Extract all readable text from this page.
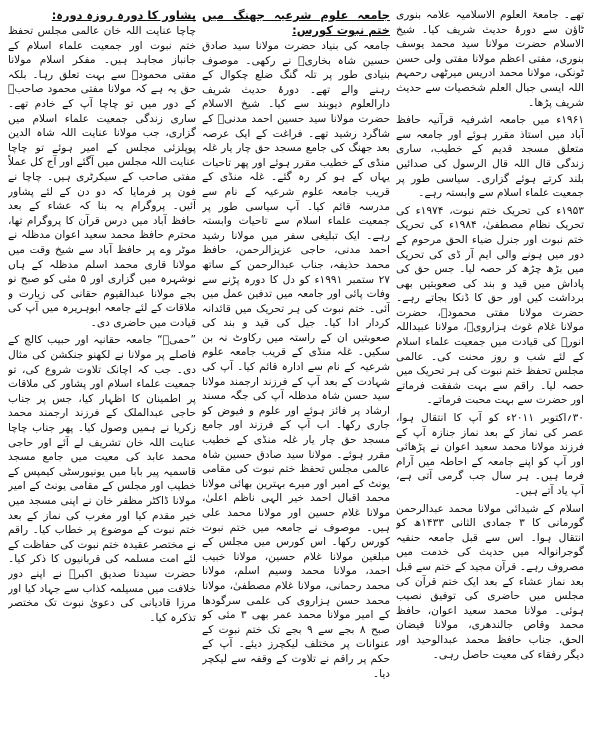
تھے۔ جامعۃ العلوم الاسلامیہ علامہ بنوری ٹاؤن سے دورۂ حدیث شریف کیا۔ شیخ الاسلام حضرت مولانا سید محمد یوسف بنوری، مفتی اعظم مولانا مفتی ولی حسن ٹونکی، مولانا محمد ادریس میرٹھی رحمہم اللہ ایسی جبال العلم شخصیات سے حدیث شریف پڑھا۔

۱۹۶۱ء میں جامعہ اشرفیہ قرآنیہ حافظ آباد میں استاذ مقرر ہوئے اور جامعہ سے متعلق مسجد قدیم کے خطیب، ساری زندگی قال اللہ قال الرسول کی صدائیں بلند کرتے ہوئے گزاری۔ سیاسی طور پر جمعیت علماء اسلام سے وابستہ رہے۔

۱۹۵۳ء کی تحریک ختم نبوت، ۱۹۷۴ء کی تحریک نظام مصطفیٰ، ۱۹۸۴ء کی تحریک ختم نبوت اور جنرل ضیاء الحق مرحوم کے دور میں ہونے والی ایم آر ڈی کی تحریک میں بڑھ چڑھ کر حصہ لیا۔ جس حق کی پاداش میں قید و بند کی صعوبتیں بھی برداشت کیں اور حق کا ڈنکا بجاتے رہے۔ حضرت مولانا مفتی محمودؒ، حضرت مولانا غلام غوث ہزارویؒ، مولانا عبیداللہ انورؒ کی قیادت میں جمعیت علماء اسلام کے لئے شب و روز محنت کی۔ عالمی مجلس تحفظ ختم نبوت کی ہر تحریک میں حصہ لیا۔ راقم سے بہت شفقت فرماتے اور حضرت سے بہت محبت فرماتے۔

۳۰؍اکتوبر ۲۰۱۱ء کو آپ کا انتقال ہوا، عصر کی نماز کے بعد نماز جنازہ آپ کے فرزند مولانا محمد سعید اعوان نے پڑھائی اور آپ کو اپنے جامعہ کے احاطہ میں آرام فرما ہیں۔ ہر سال جب گرمی آتی ہے، آپ یاد آتے ہیں۔

اسلام کے شیدائی مولانا محمد عبدالرحمن گورمانی کا ۳ جمادی الثانی ۱۴۳۳ھ کو انتقال ہوا۔ اس سے قبل جامعہ حنفیہ گوجرانوالہ میں حدیث کی خدمت میں مصروف رہے۔ قرآن مجید کے ختم سے قبل بعد نماز عشاء کے بعد ایک ختم قرآن کی مجلس میں حاضری کی توفیق نصیب ہوئی۔ مولانا محمد سعید اعوان، حافظ محمد وقاص جالندھری، مولانا فیضان الحق، جناب حافظ محمد عبدالوحید اور دیگر رفقاء کی معیت حاصل رہی۔

جامعہ علوم شرعیہ جھنگ میں ختم نبوت کورس:

جامعہ کی بنیاد حضرت مولانا سید صادق حسین شاہ بخاریؒ نے رکھی۔ موصوف بنیادی طور پر تلہ گنگ ضلع چکوال کے رہنے والے تھے۔ دورۂ حدیث شریف دارالعلوم دیوبند سے کیا۔ شیخ الاسلام حضرت مولانا سید حسین احمد مدنیؒ کے شاگرد رشید تھے۔ فراغت کے ایک عرصہ بعد جھنگ کی جامع مسجد حق چار یار غلہ منڈی کے خطیب مقرر ہوئے اور پھر تاحیات یہاں کے ہو کر رہ گئے۔ غلہ منڈی کے قریب جامعہ علوم شرعیہ کے نام سے مدرسہ قائم کیا۔ آپ سیاسی طور پر جمعیت علماء اسلام سے تاحیات وابستہ رہے۔ ایک تبلیغی سفر میں مولانا رشید احمد مدنی، حاجی عزیزالرحمن، حافظ محمد حذیفہ، جناب عبدالرحمن کے ساتھ ۲۷ ستمبر ۱۹۹۱ء کو دل کا دورہ پڑنے سے وفات پائی اور جامعہ میں تدفین عمل میں آئی۔ ختم نبوت کی ہر تحریک میں قائدانہ کردار ادا کیا۔ جیل کی قید و بند کی صعوبتیں ان کے راستہ میں رکاوٹ نہ بن سکیں۔ غلہ منڈی کے قریب جامعہ علوم شرعیہ کے نام سے ادارہ قائم کیا۔ آپ کی شہادت کے بعد آپ کے فرزند ارجمند مولانا سید حسن شاہ مدظلہ آپ کی جگہ مسند ارشاد پر فائز ہوئے اور علوم و فیوض کو جاری رکھا۔ اب آپ کے فرزند اور جامع مسجد حق چار یار غلہ منڈی کے خطیب مقرر ہوئے۔ مولانا سید صادق حسین شاہ عالمی مجلس تحفظ ختم نبوت کی مقامی یونٹ کے امیر اور میرے بہترین بھائی مولانا محمد اقبال احمد خیر الہی ناظم اعلیٰ، مولانا غلام حسین اور مولانا محمد علی ہیں۔ موصوف نے جامعہ میں ختم نبوت کورس رکھا۔ اس کورس میں مجلس کے مبلغین مولانا غلام حسین، مولانا خبیب احمد، مولانا محمد وسیم اسلم، مولانا محمد رحمانی، مولانا غلام مصطفیٰ، مولانا محمد حسن ہزاروی کی علمی سرگودھا کے امیر مولانا محمد عمر بھی ۳ مئی کو صبح ۸ بجے سے ۹ بجے تک ختم نبوت کے عنوانات پر مختلف لیکچرز دیئے۔ آپ کے حکم پر راقم نے تلاوت کے وقفہ سے لیکچر دیا۔

پشاور کا دورہ روزہ دورہ:

چاچا عنایت اللہ خان عالمی مجلس تحفظ ختم نبوت اور جمعیت علماء اسلام کے جانباز مجاہد ہیں۔ مفکر اسلام مولانا مفتی محمودؒ سے بہت تعلق رہا۔ بلکہ حق یہ ہے کہ مولانا مفتی محمود صاحبؒ کے دور میں تو چاچا آپ کے خادم تھے۔ ساری زندگی جمعیت علماء اسلام میں گزاری، جب مولانا عنایت اللہ شاہ الدین پوپلزئی مجلس کے امیر ہوئے تو چاچا عنایت اللہ مجلس میں آگئے اور آج کل عملاً مفتی صاحب کے سیکرٹری ہیں۔ چاچا نے فون پر فرمایا کہ دو دن کے لئے پشاور آئیں۔ پروگرام یہ بنا کہ عشاء کے بعد حافظ آباد میں درس قرآن کا پروگرام تھا، محترم حافظ محمد سعید اعوان مدظلہ نے موٹر وے پر حافظ آباد سے شیخ وقت میں مولانا قاری محمد اسلم مدظلہ کے ہاں نوشہرہ میں گزاری اور ۵ مئی کو صبح نو بجے مولانا عبدالقیوم حقانی کی زیارت و ملاقات کے لئے جامعہ ابوہریرہ میں آپ کی قیادت میں حاضری دی۔

”حمیؒ“ جامعہ حقانیہ اور حبیب کالج کے فاصلے پر مولانا نے لکھنو جنکشن کی مثال دی۔ جب کہ اچانک تلاوت شروع کی، تو جمعیت علماء اسلام اور پشاور کی ملاقات پر اطمینان کا اظہار کیا، جس پر جناب حاجی عبدالملک کے فرزند ارجمند محمد زکریا نے ہمیں وصول کیا۔ پھر جناب چاچا عنایت اللہ خان تشریف لے آئے اور حاجی محمد عابد کی معیت میں جامع مسجد قاسمیہ پیر بابا میں یونیورسٹی کیمپس کے خطیب اور مجلس کے مقامی یونٹ کے امیر مولانا ڈاکٹر مظفر خان نے اپنی مسجد میں خیر مقدم کیا اور مغرب کی نماز کے بعد ختم نبوت کے موضوع پر خطاب کیا۔ راقم نے مختصر عقیدہ ختم نبوت کی حفاظت کے لئے امت مسلمہ کی قربانیوں کا ذکر کیا۔ حضرت سیدنا صدیق اکبرؓ نے اپنے دور خلافت میں مسیلمہ کذاب سے جہاد کیا اور مرزا قادیانی کی دعویٰ نبوت تک مختصر تذکرہ کیا۔
